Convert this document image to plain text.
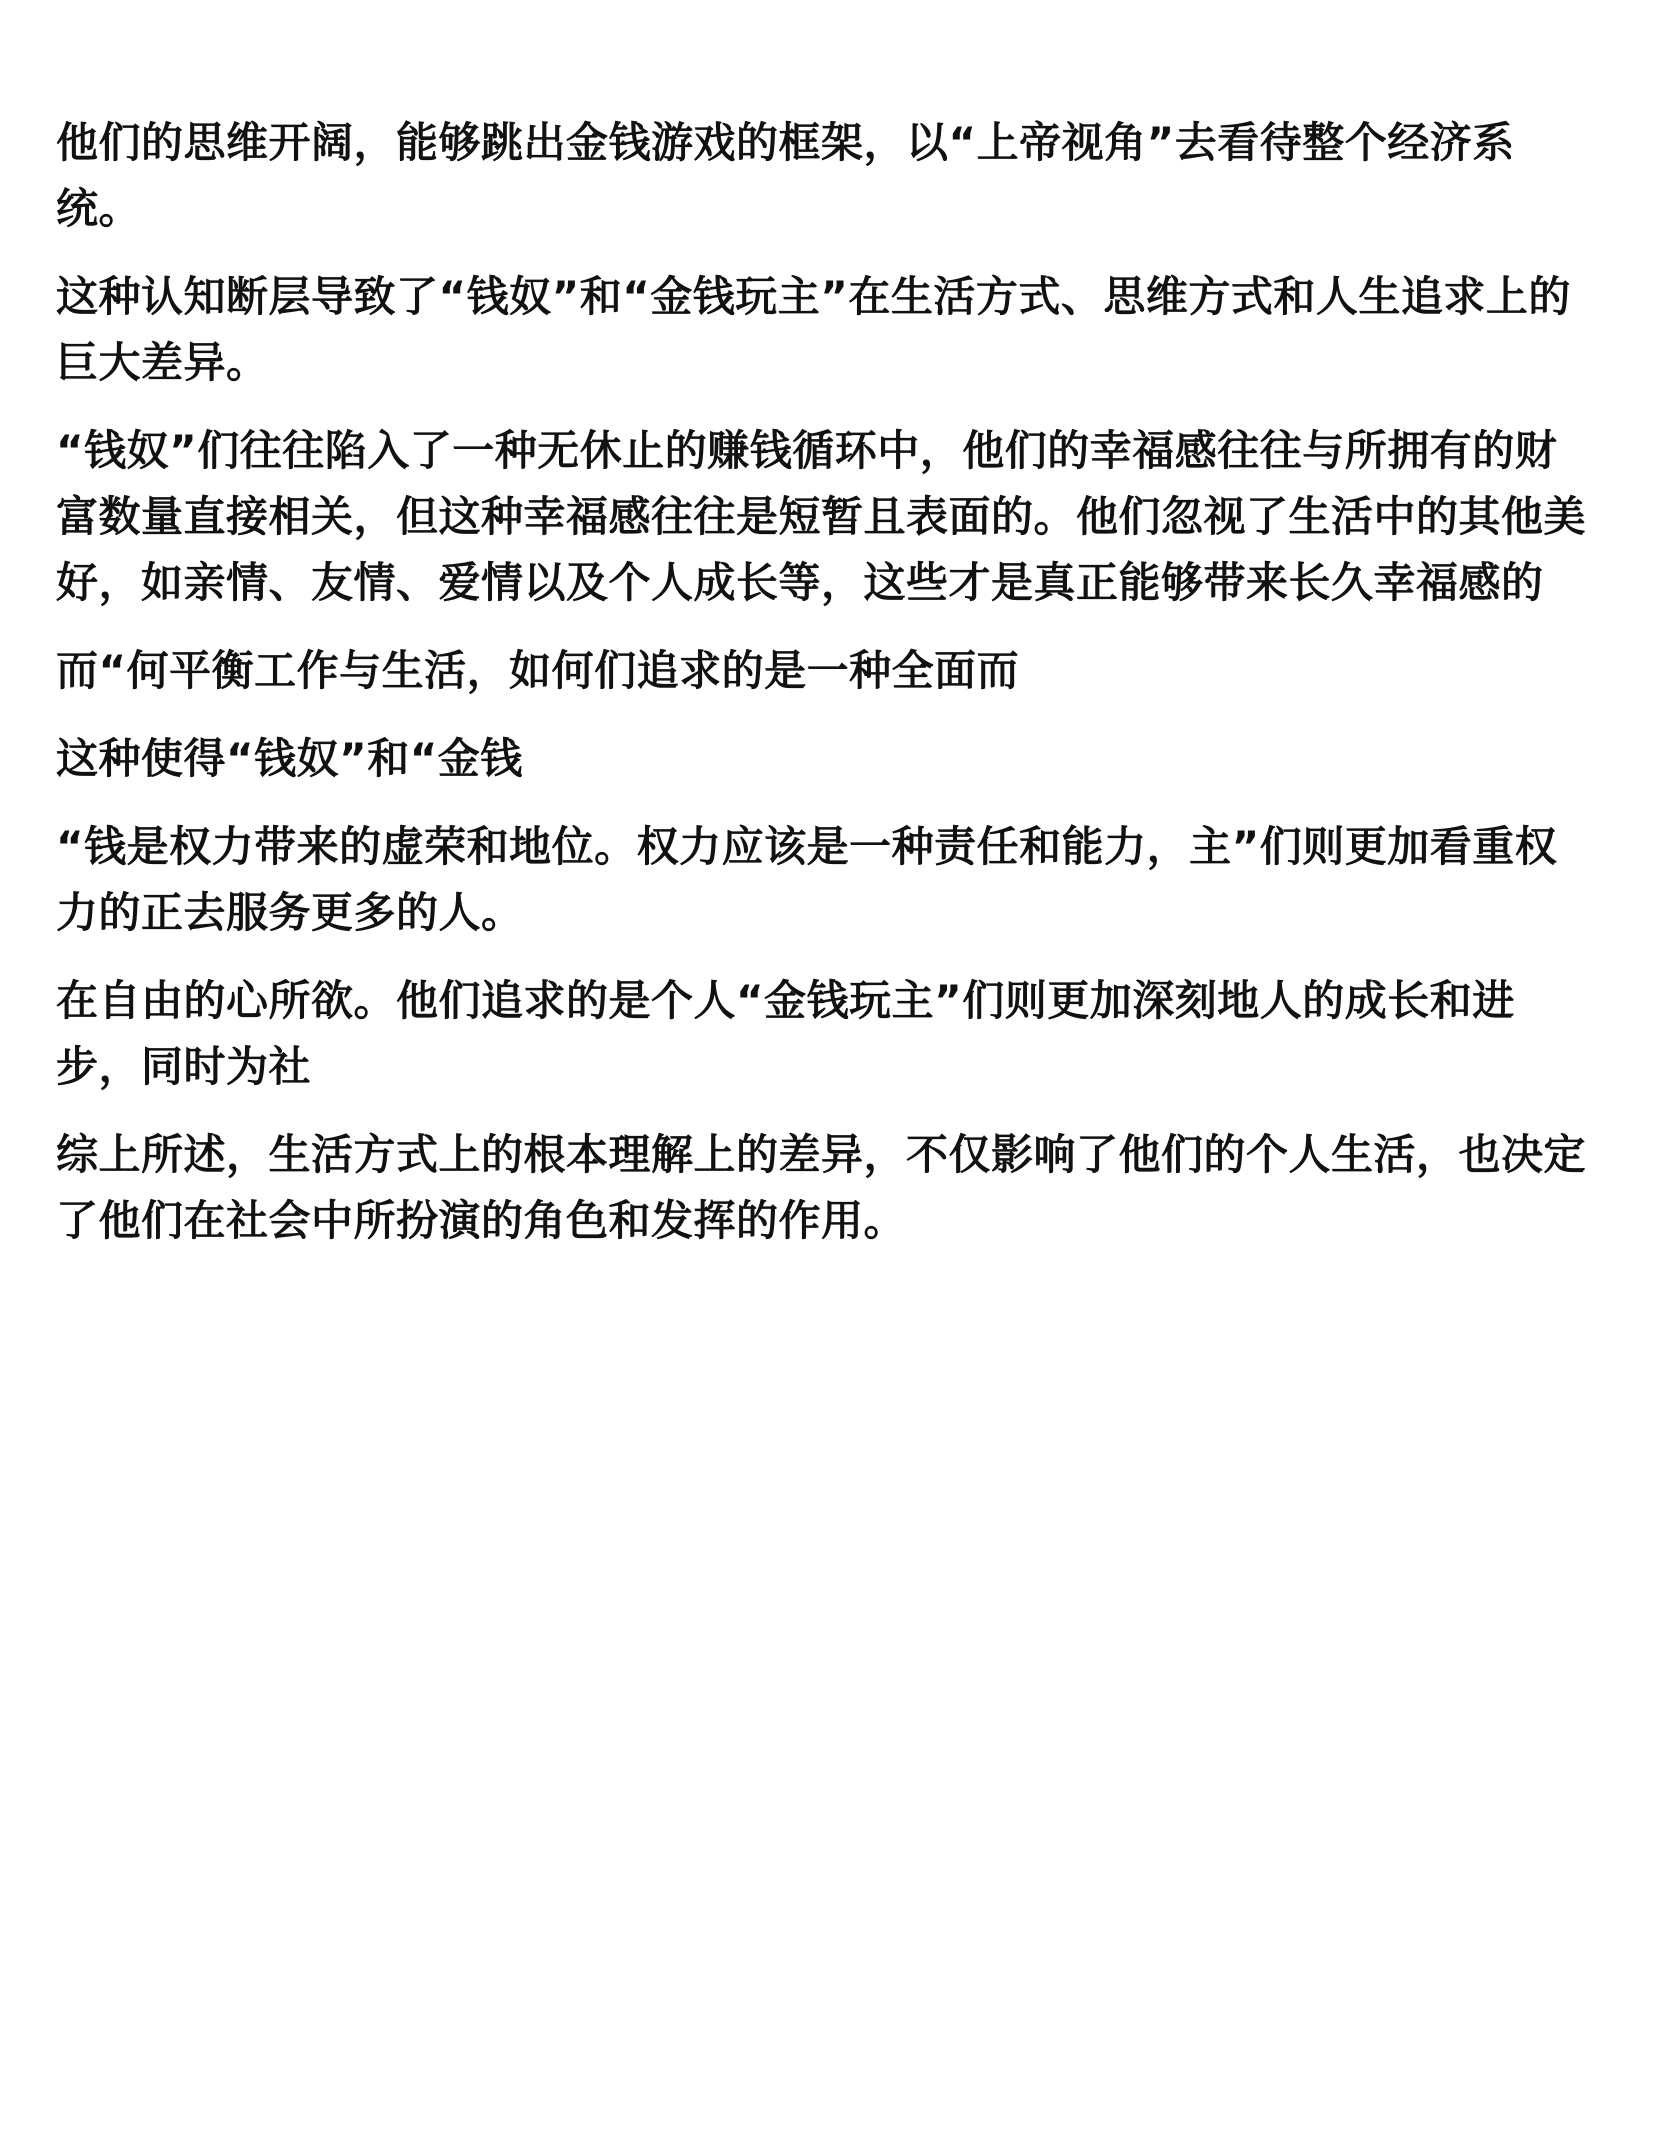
他们的思维开阔，能够跳出金钱游戏的框架，以“上帝视角”去看待整个经济系统。

这种认知断层导致了“钱奴”和“金钱玩主”在生活方式、思维方式和人生追求上的巨大差异。

“钱奴”们往往陷入了一种无休止的赚钱循环中，他们的幸福感往往与所拥有的财富数量直接相关，但这种幸福感往往是短暂且表面的。他们忽视了生活中的其他美好，如亲情、友情、爱情以及个人成长等，这些才是真正能够带来长久幸福感的

而“何平衡工作与生活，如何们追求的是一种全面而

这种使得“钱奴”和“金钱

“钱是权力带来的虚荣和地位。权力应该是一种责任和能力，主”们则更加看重权力的正去服务更多的人。

在自由的心所欲。他们追求的是个人“金钱玩主”们则更加深刻地人的成长和进步，同时为社

综上所述，生活方式上的根本理解上的差异，不仅影响了他们的个人生活，也决定了他们在社会中所扮演的角色和发挥的作用。
